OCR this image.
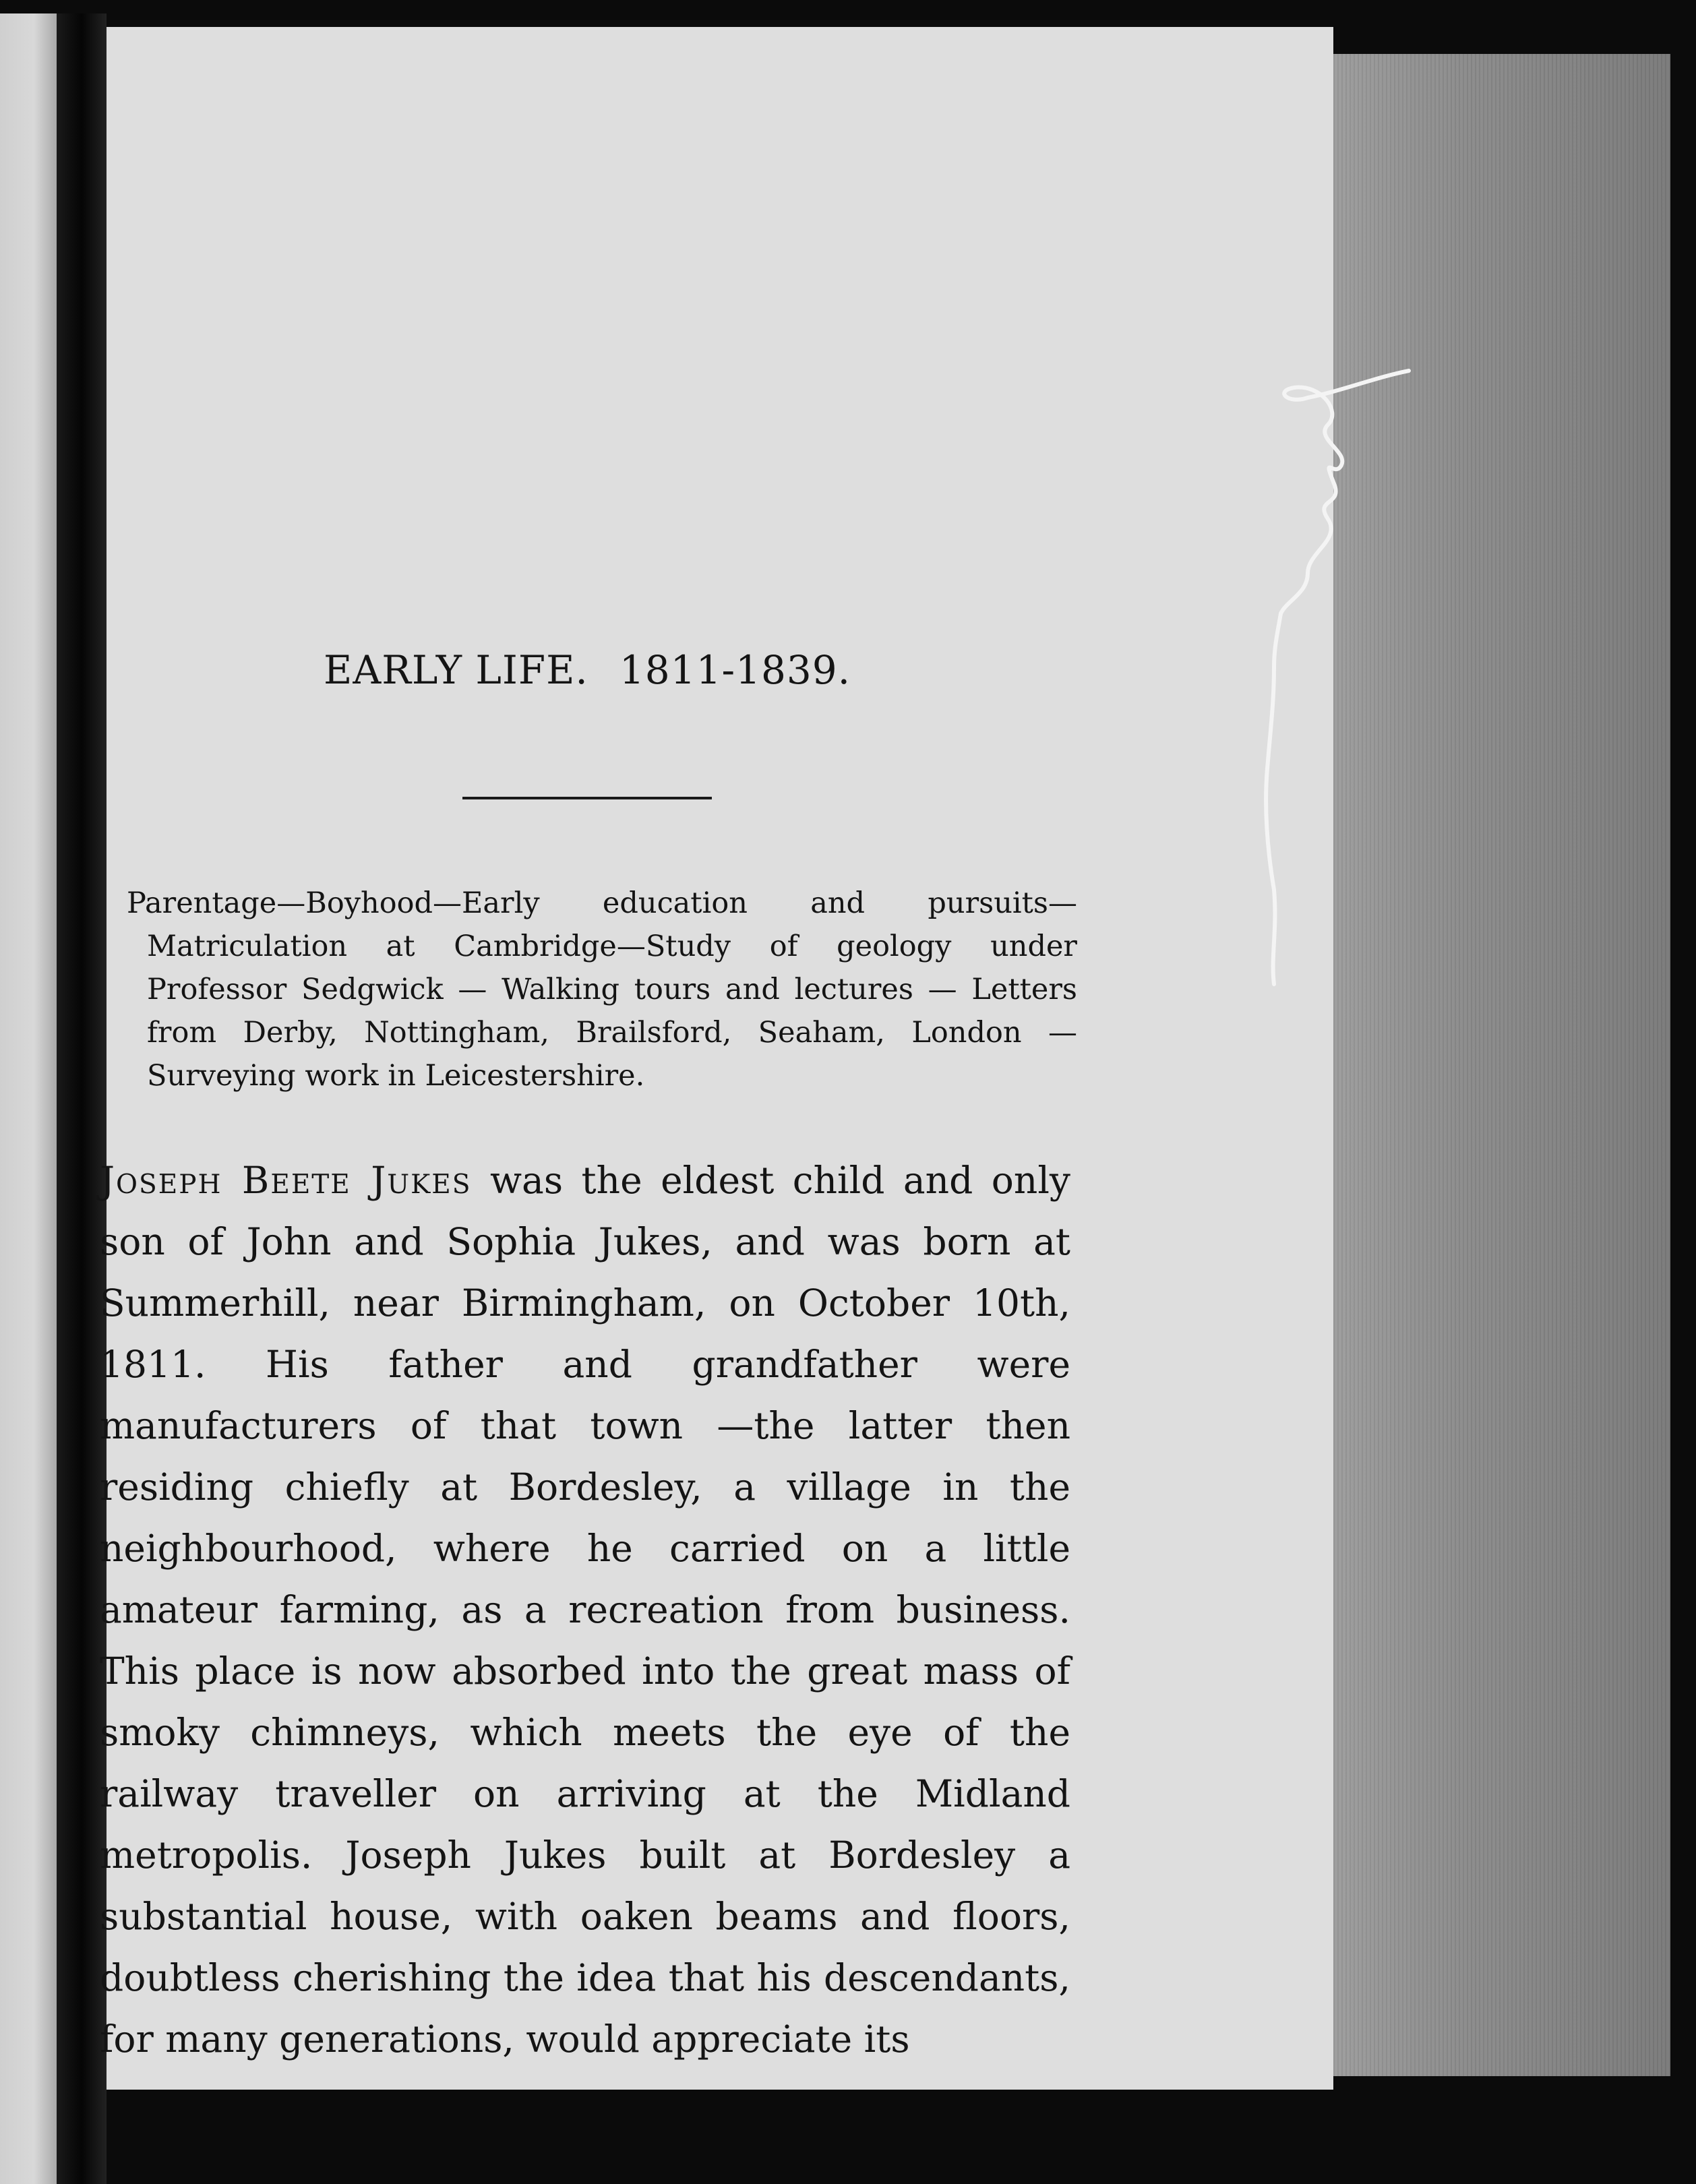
EARLY LIFE. 1811-1839.
Parentage—Boyhood—Early education and pursuits—Matriculation at Cambridge—Study of geology under Professor Sedgwick — Walking tours and lectures — Letters from Derby, Nottingham, Brailsford, Seaham, London — Surveying work in Leicestershire.
Joseph Beete Jukes was the eldest child and only son of John and Sophia Jukes, and was born at Summerhill, near Birmingham, on October 10th, 1811. His father and grandfather were manufacturers of that town —the latter then residing chiefly at Bordesley, a village in the neighbourhood, where he carried on a little amateur farming, as a recreation from business. This place is now absorbed into the great mass of smoky chimneys, which meets the eye of the railway traveller on arriving at the Midland metropolis. Joseph Jukes built at Bordesley a substantial house, with oaken beams and floors, doubtless cherishing the idea that his descendants, for many generations, would appreciate its
